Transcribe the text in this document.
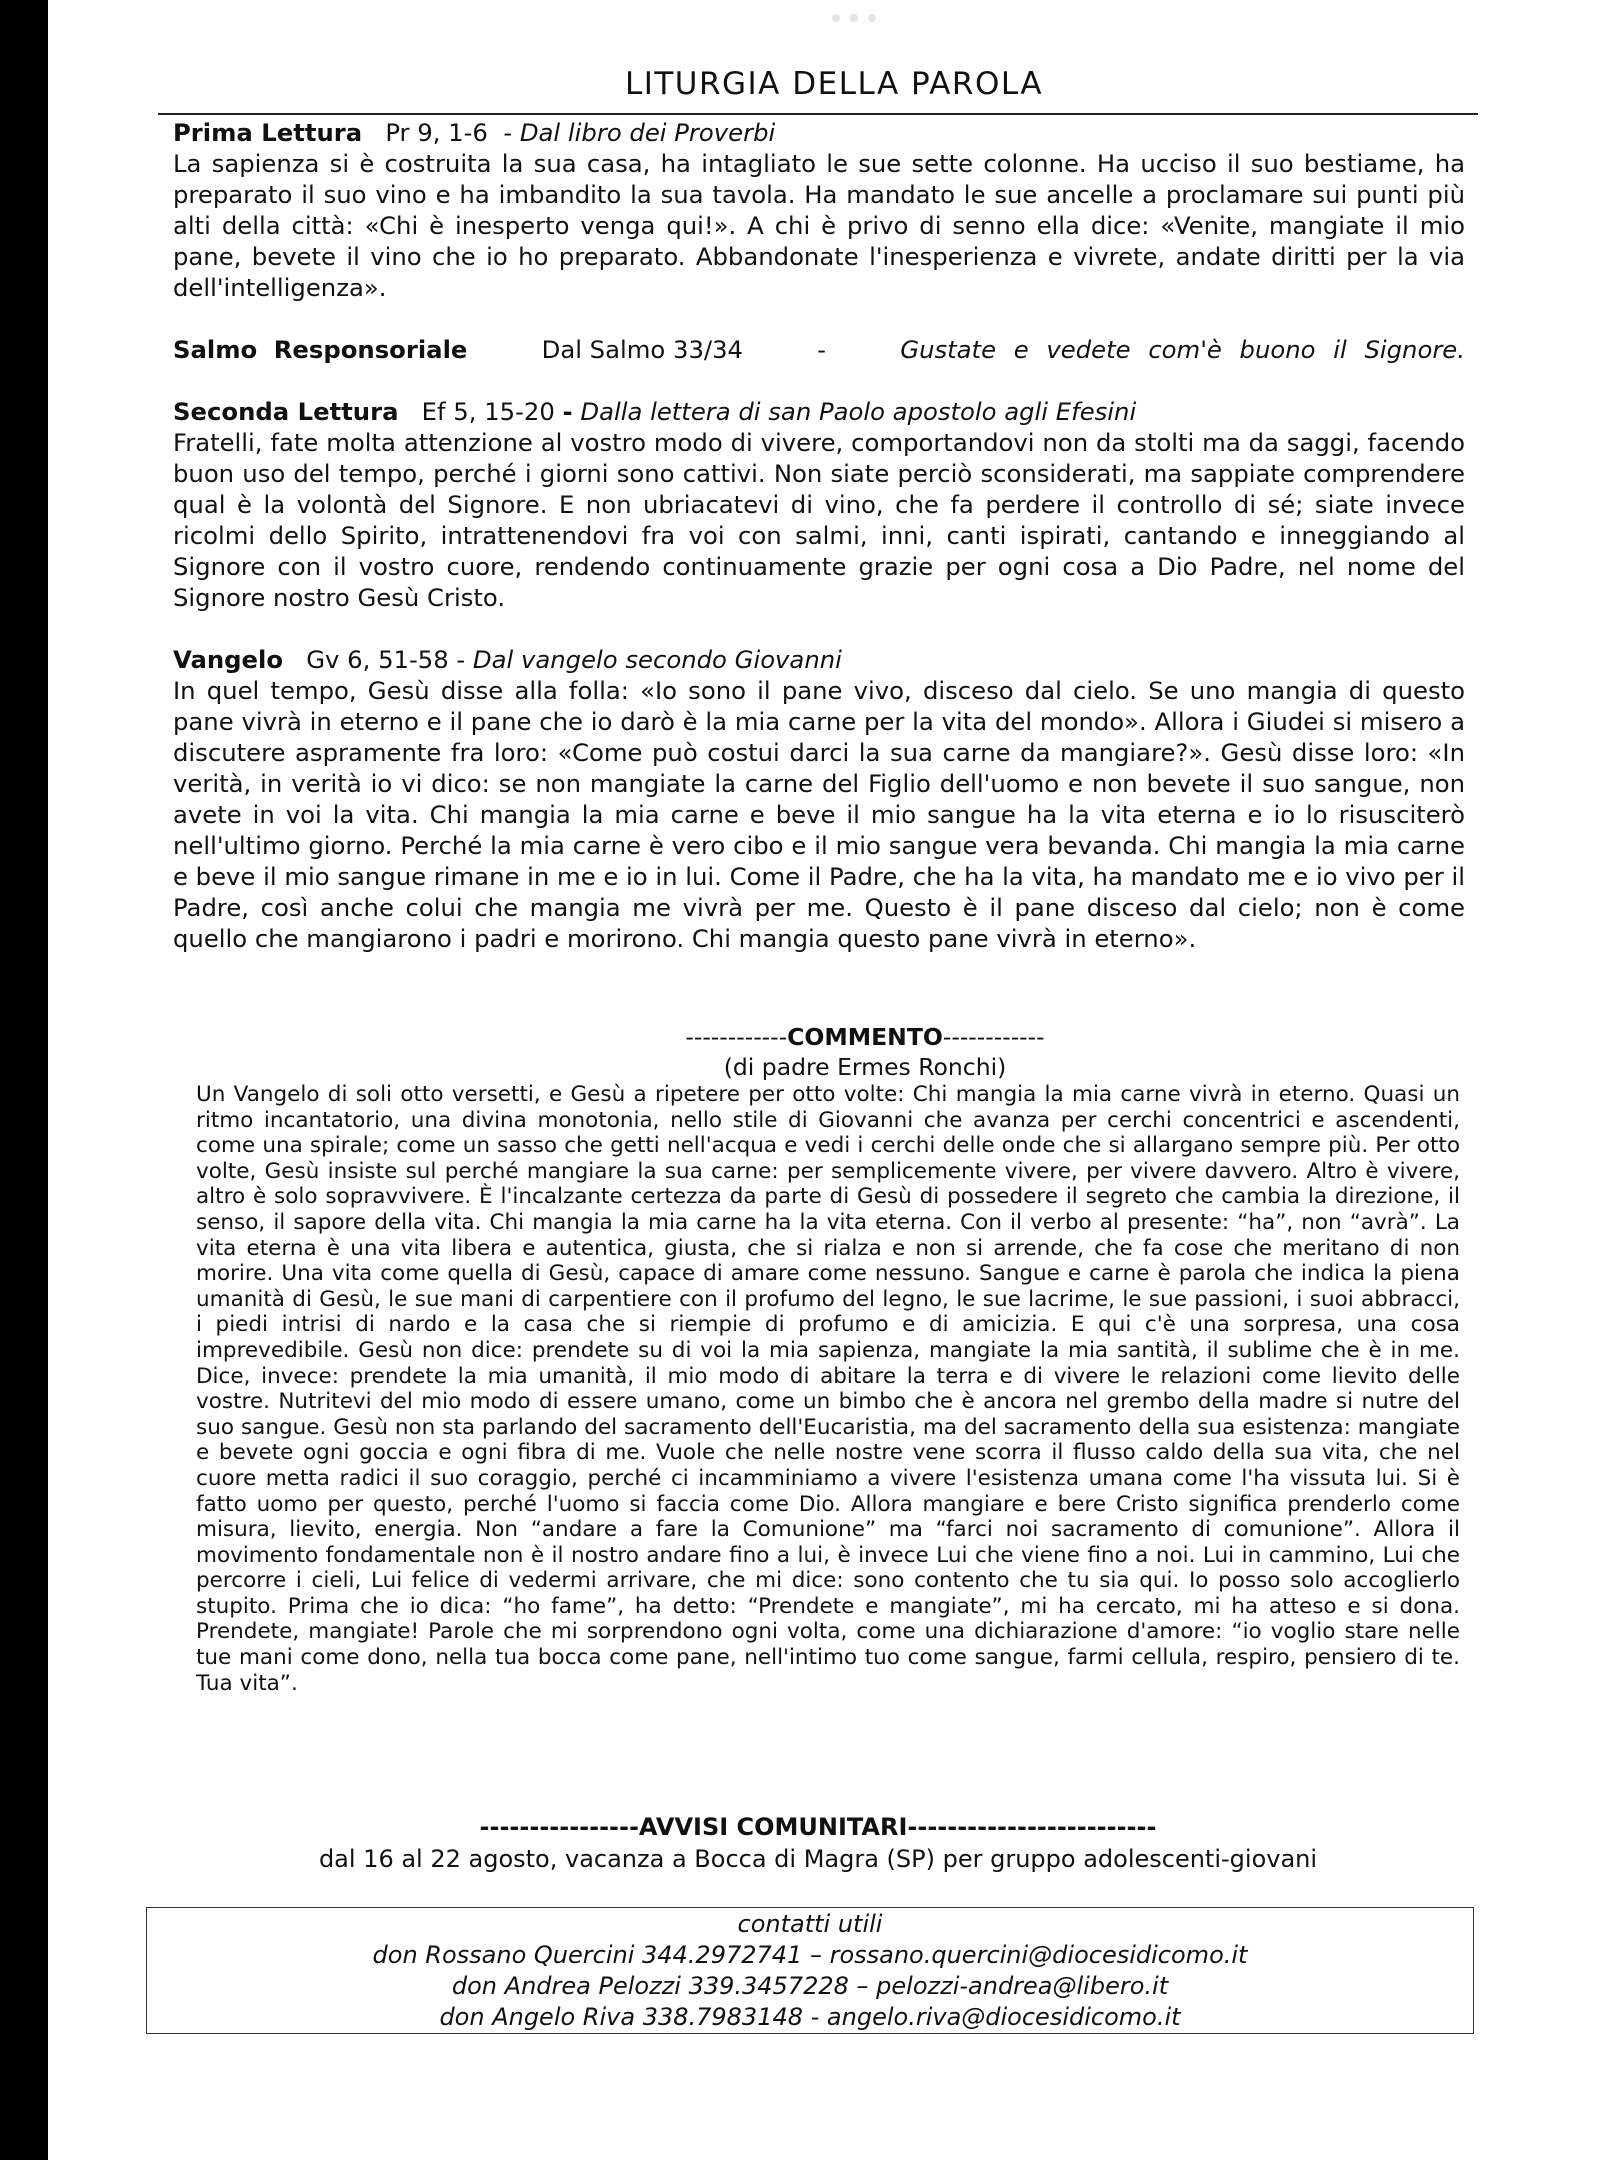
LITURGIA DELLA PAROLA

Prima Lettura Pr 9, 1-6 - Dal libro dei Proverbi

La sapienza si è costruita la sua casa, ha intagliato le sue sette colonne. Ha ucciso il suo bestiame, ha preparato il suo vino e ha imbandito la sua tavola. Ha mandato le sue ancelle a proclamare sui punti più alti della città: «Chi è inesperto venga qui!». A chi è privo di senno ella dice: «Venite, mangiate il mio pane, bevete il vino che io ho preparato. Abbandonate l'inesperienza e vivrete, andate diritti per la via dell'intelligenza».

Salmo Responsoriale	Dal Salmo 33/34	-	Gustate e vedete com'è buono il Signore.

Seconda Lettura Ef 5, 15-20 - Dalla lettera di san Paolo apostolo agli Efesini

Fratelli, fate molta attenzione al vostro modo di vivere, comportandovi non da stolti ma da saggi, facendo buon uso del tempo, perché i giorni sono cattivi. Non siate perciò sconsiderati, ma sappiate comprendere qual è la volontà del Signore. E non ubriacatevi di vino, che fa perdere il controllo di sé; siate invece ricolmi dello Spirito, intrattenendovi fra voi con salmi, inni, canti ispirati, cantando e inneggiando al Signore con il vostro cuore, rendendo continuamente grazie per ogni cosa a Dio Padre, nel nome del Signore nostro Gesù Cristo.

Vangelo Gv 6, 51-58 - Dal vangelo secondo Giovanni

In quel tempo, Gesù disse alla folla: «Io sono il pane vivo, disceso dal cielo. Se uno mangia di questo pane vivrà in eterno e il pane che io darò è la mia carne per la vita del mondo». Allora i Giudei si misero a discutere aspramente fra loro: «Come può costui darci la sua carne da mangiare?». Gesù disse loro: «In verità, in verità io vi dico: se non mangiate la carne del Figlio dell'uomo e non bevete il suo sangue, non avete in voi la vita. Chi mangia la mia carne e beve il mio sangue ha la vita eterna e io lo risusciterò nell'ultimo giorno. Perché la mia carne è vero cibo e il mio sangue vera bevanda. Chi mangia la mia carne e beve il mio sangue rimane in me e io in lui. Come il Padre, che ha la vita, ha mandato me e io vivo per il Padre, così anche colui che mangia me vivrà per me. Questo è il pane disceso dal cielo; non è come quello che mangiarono i padri e morirono. Chi mangia questo pane vivrà in eterno».

------------COMMENTO------------

(di padre Ermes Ronchi)

Un Vangelo di soli otto versetti, e Gesù a ripetere per otto volte: Chi mangia la mia carne vivrà in eterno. Quasi un ritmo incantatorio, una divina monotonia, nello stile di Giovanni che avanza per cerchi concentrici e ascendenti, come una spirale; come un sasso che getti nell'acqua e vedi i cerchi delle onde che si allargano sempre più. Per otto volte, Gesù insiste sul perché mangiare la sua carne: per semplicemente vivere, per vivere davvero. Altro è vivere, altro è solo sopravvivere. È l'incalzante certezza da parte di Gesù di possedere il segreto che cambia la direzione, il senso, il sapore della vita. Chi mangia la mia carne ha la vita eterna. Con il verbo al presente: “ha”, non “avrà”. La vita eterna è una vita libera e autentica, giusta, che si rialza e non si arrende, che fa cose che meritano di non morire. Una vita come quella di Gesù, capace di amare come nessuno. Sangue e carne è parola che indica la piena umanità di Gesù, le sue mani di carpentiere con il profumo del legno, le sue lacrime, le sue passioni, i suoi abbracci, i piedi intrisi di nardo e la casa che si riempie di profumo e di amicizia. E qui c'è una sorpresa, una cosa imprevedibile. Gesù non dice: prendete su di voi la mia sapienza, mangiate la mia santità, il sublime che è in me. Dice, invece: prendete la mia umanità, il mio modo di abitare la terra e di vivere le relazioni come lievito delle vostre. Nutritevi del mio modo di essere umano, come un bimbo che è ancora nel grembo della madre si nutre del suo sangue. Gesù non sta parlando del sacramento dell'Eucaristia, ma del sacramento della sua esistenza: mangiate e bevete ogni goccia e ogni fibra di me. Vuole che nelle nostre vene scorra il flusso caldo della sua vita, che nel cuore metta radici il suo coraggio, perché ci incamminiamo a vivere l'esistenza umana come l'ha vissuta lui. Si è fatto uomo per questo, perché l'uomo si faccia come Dio. Allora mangiare e bere Cristo significa prenderlo come misura, lievito, energia. Non “andare a fare la Comunione” ma “farci noi sacramento di comunione”. Allora il movimento fondamentale non è il nostro andare fino a lui, è invece Lui che viene fino a noi. Lui in cammino, Lui che percorre i cieli, Lui felice di vedermi arrivare, che mi dice: sono contento che tu sia qui. Io posso solo accoglierlo stupito. Prima che io dica: “ho fame”, ha detto: “Prendete e mangiate”, mi ha cercato, mi ha atteso e si dona. Prendete, mangiate! Parole che mi sorprendono ogni volta, come una dichiarazione d'amore: “io voglio stare nelle tue mani come dono, nella tua bocca come pane, nell'intimo tuo come sangue, farmi cellula, respiro, pensiero di te. Tua vita”.

----------------AVVISI COMUNITARI-------------------------

dal 16 al 22 agosto, vacanza a Bocca di Magra (SP) per gruppo adolescenti-giovani

contatti utili
don Rossano Quercini 344.2972741 – rossano.quercini@diocesidicomo.it
don Andrea Pelozzi 339.3457228 – pelozzi-andrea@libero.it
don Angelo Riva 338.7983148 - angelo.riva@diocesidicomo.it
